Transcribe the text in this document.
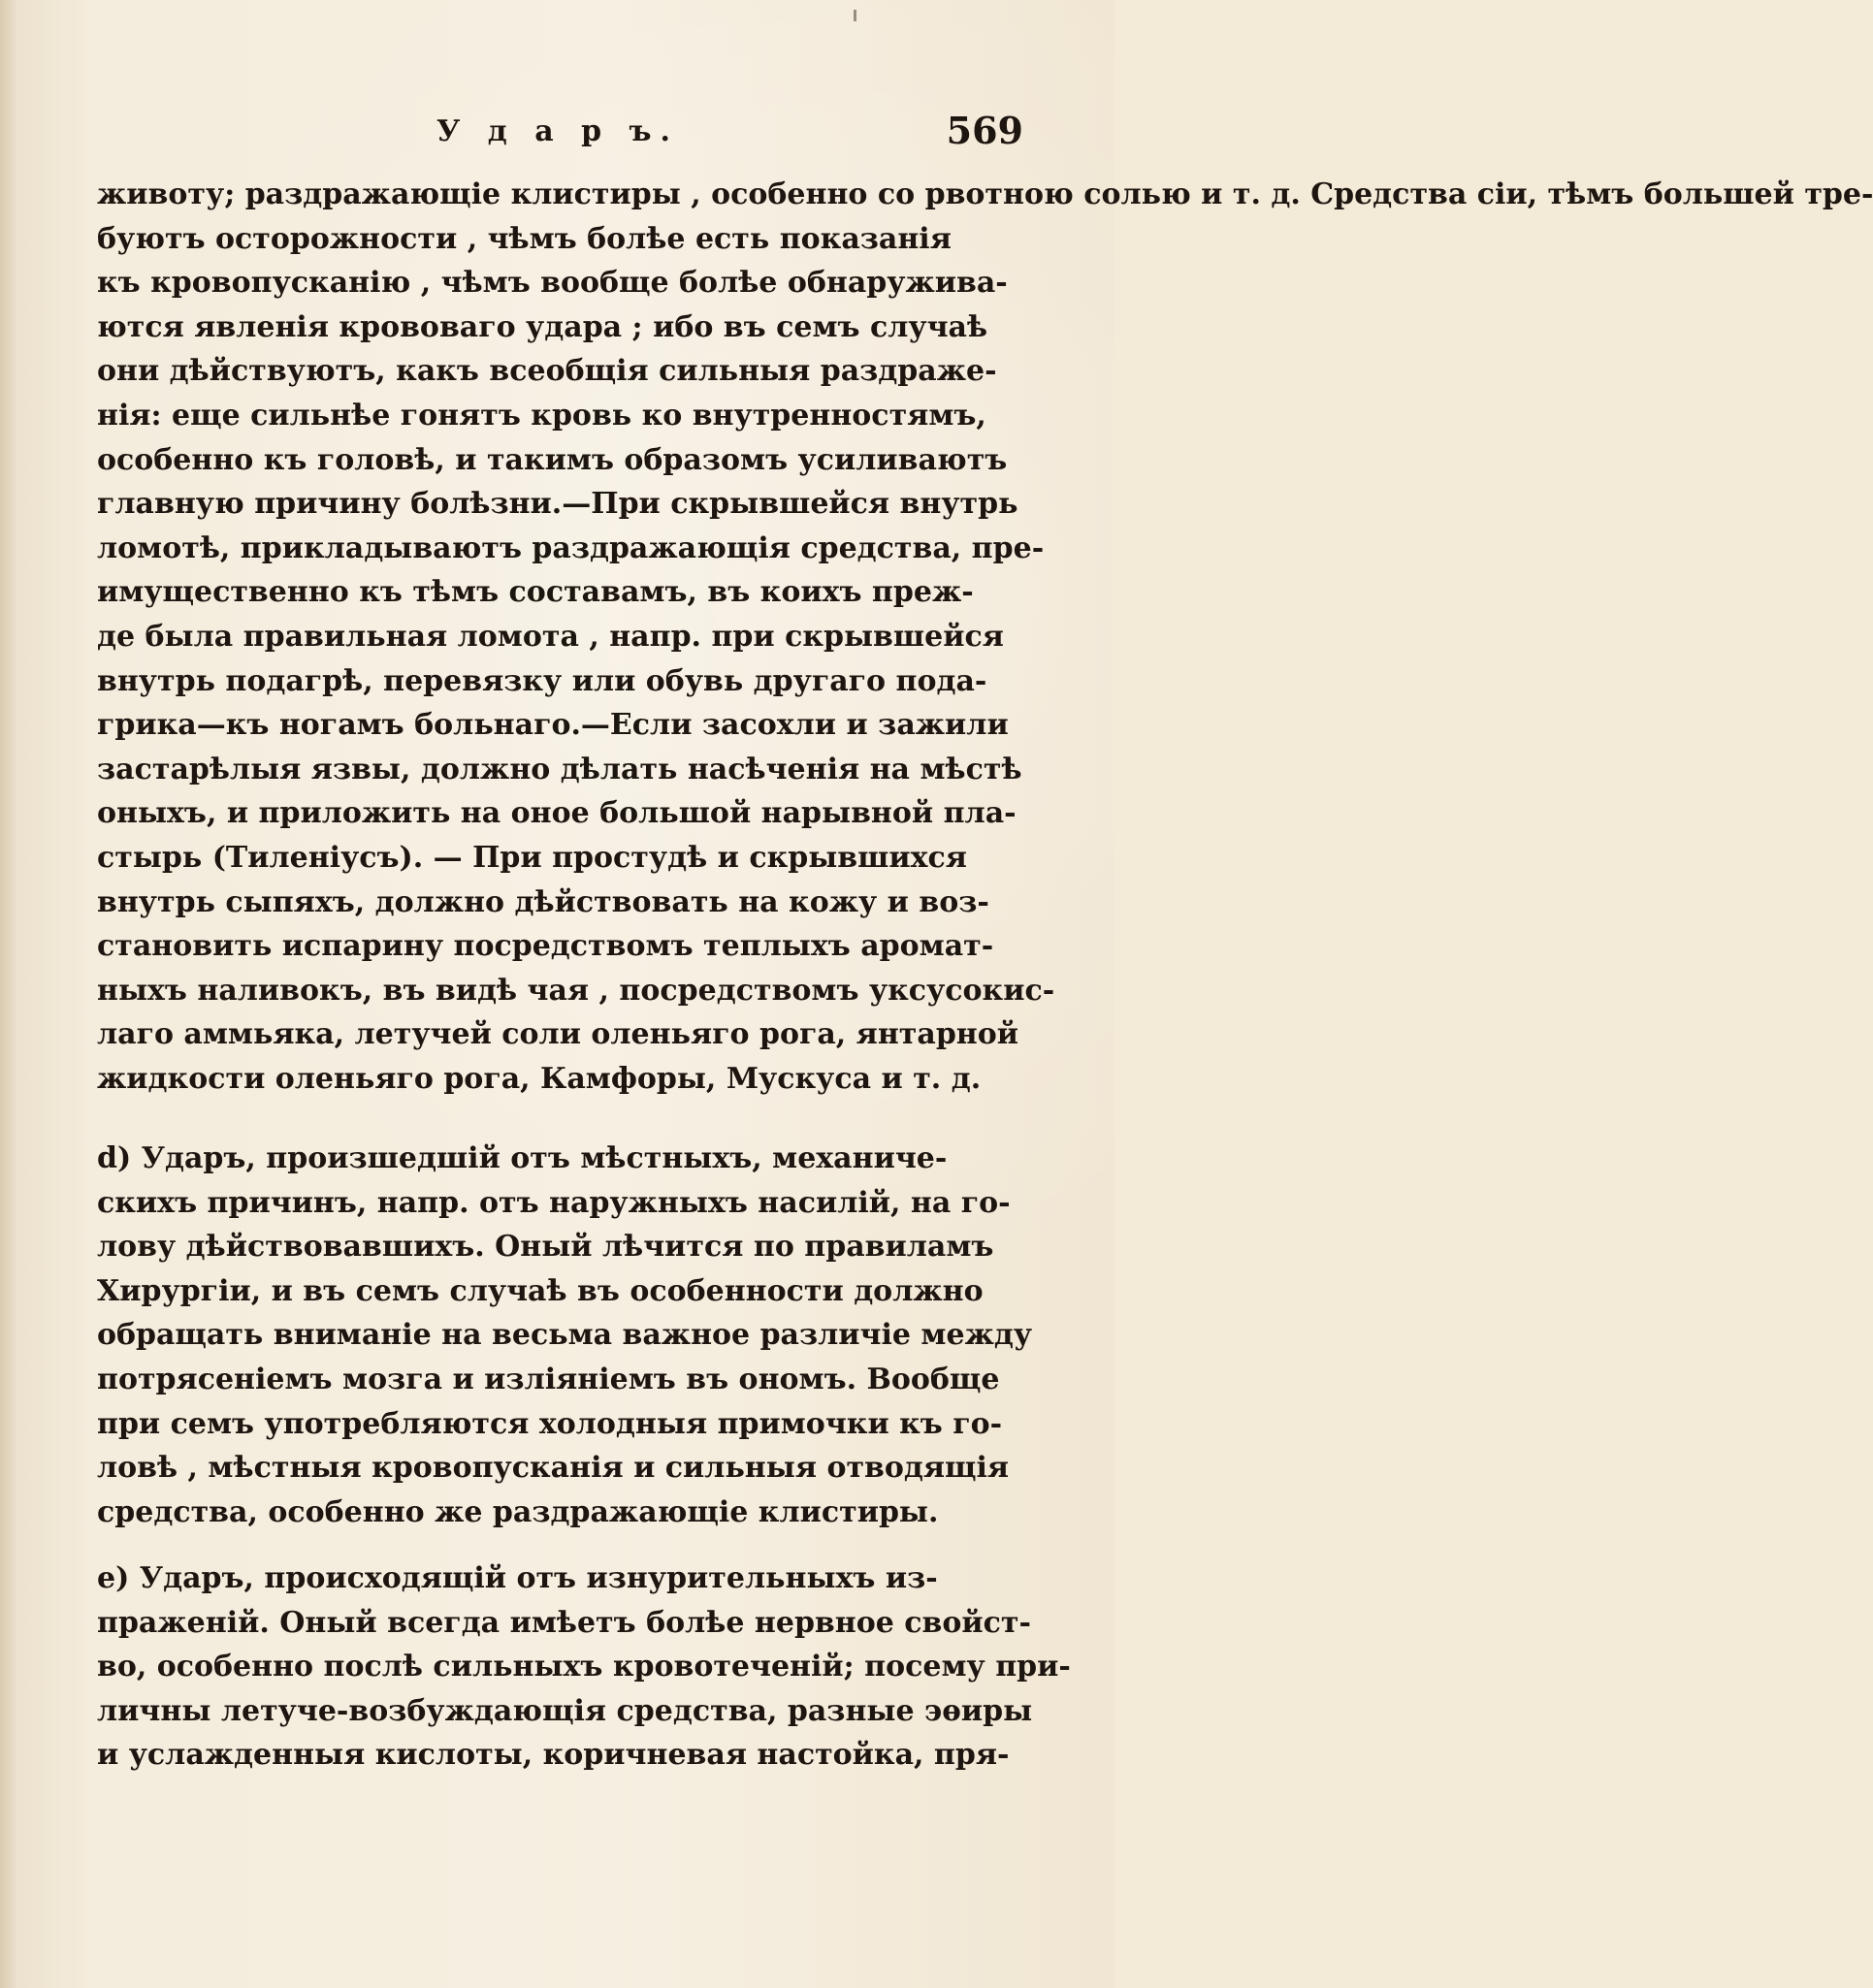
У д а р ъ.	569
животу; раздражающіе клистиры , особенно со рвотною солью и т. д. Средства сіи, тѣмъ большей тре-
буютъ осторожности , чѣмъ болѣе есть показанія
къ кровопусканію , чѣмъ вообще болѣе обнаружива-
ются явленія крововаго удара ; ибо въ семъ случаѣ
они дѣйствуютъ, какъ всеобщія сильныя раздраже-
нія: еще сильнѣе гонятъ кровь ко внутренностямъ,
особенно къ головѣ, и такимъ образомъ усиливаютъ
главную причину болѣзни.—При скрывшейся внутрь
ломотѣ, прикладываютъ раздражающія средства, пре-
имущественно къ тѣмъ составамъ, въ коихъ преж-
де была правильная ломота , напр. при скрывшейся
внутрь подагрѣ, перевязку или обувь другаго пода-
грика—къ ногамъ больнаго.—Если засохли и зажили
застарѣлыя язвы, должно дѣлать насѣченія на мѣстѣ
оныхъ, и приложить на оное большой нарывной пла-
стырь (Тиленіусъ). — При простудѣ и скрывшихся
внутрь сыпяхъ, должно дѣйствовать на кожу и воз-
становить испарину посредствомъ теплыхъ аромат-
ныхъ наливокъ, въ видѣ чая , посредствомъ уксусокис-
лаго аммьяка, летучей соли оленьяго рога, янтарной
жидкости оленьяго рога, Камфоры, Мускуса и т. д.
d) Ударъ, произшедшій отъ мѣстныхъ, механиче-
скихъ причинъ, напр. отъ наружныхъ насилій, на го-
лову дѣйствовавшихъ. Оный лѣчится по правиламъ
Хирургіи, и въ семъ случаѣ въ особенности должно
обращать вниманіе на весьма важное различіе между
потрясеніемъ мозга и изліяніемъ въ ономъ. Вообще
при семъ употребляются холодныя примочки къ го-
ловѣ , мѣстныя кровопусканія и сильныя отводящія
средства, особенно же раздражающіе клистиры.
e) Ударъ, происходящій отъ изнурительныхъ из-
праженій. Оный всегда имѣетъ болѣе нервное свойст-
во, особенно послѣ сильныхъ кровотеченій; посему при-
личны летуче-возбуждающія средства, разные эѳиры
и услажденныя кислоты, коричневая настойка, пря-
